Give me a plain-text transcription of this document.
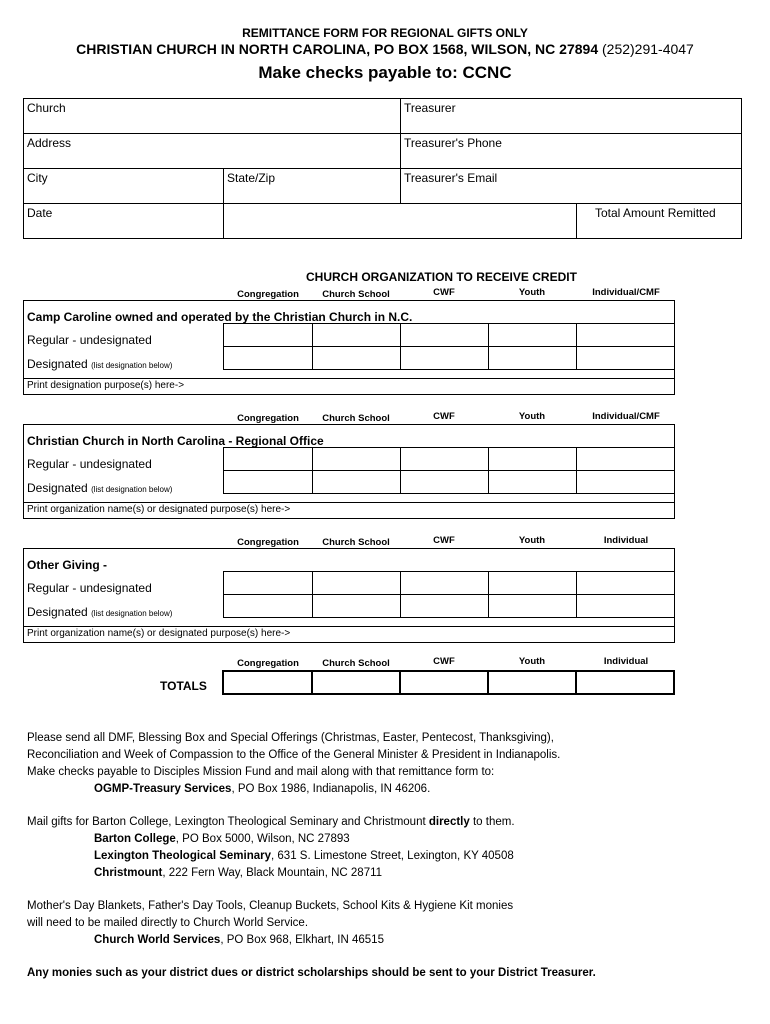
REMITTANCE FORM FOR REGIONAL GIFTS ONLY
CHRISTIAN CHURCH IN NORTH CAROLINA, PO BOX 1568, WILSON, NC 27894 (252)291-4047
Make checks payable to: CCNC
Church	Treasurer
Address	Treasurer's Phone
City	State/Zip	Treasurer's Email
Date	Total Amount Remitted
CHURCH ORGANIZATION TO RECEIVE CREDIT
Congregation	Church School	CWF	Youth	Individual/CMF
Camp Caroline owned and operated by the Christian Church in N.C.
Regular - undesignated
Designated (list designation below)
Print designation purpose(s) here->
Congregation	Church School	CWF	Youth	Individual/CMF
Christian Church in North Carolina - Regional Office
Regular - undesignated
Designated (list designation below)
Print organization name(s) or designated purpose(s) here->
Congregation	Church School	CWF	Youth	Individual
Other Giving -
Regular - undesignated
Designated (list designation below)
Print organization name(s) or designated purpose(s) here->
Congregation	Church School	CWF	Youth	Individual
TOTALS
Please send all DMF, Blessing Box and Special Offerings (Christmas, Easter, Pentecost, Thanksgiving),
Reconciliation and Week of Compassion to the Office of the General Minister & President in Indianapolis.
Make checks payable to Disciples Mission Fund and mail along with that remittance form to:
OGMP-Treasury Services, PO Box 1986, Indianapolis, IN 46206.
Mail gifts for Barton College, Lexington Theological Seminary and Christmount directly to them.
Barton College, PO Box 5000, Wilson, NC 27893
Lexington Theological Seminary, 631 S. Limestone Street, Lexington, KY 40508
Christmount, 222 Fern Way, Black Mountain, NC 28711
Mother's Day Blankets, Father's Day Tools, Cleanup Buckets, School Kits & Hygiene Kit monies
will need to be mailed directly to Church World Service.
Church World Services, PO Box 968, Elkhart, IN 46515
Any monies such as your district dues or district scholarships should be sent to your District Treasurer.
